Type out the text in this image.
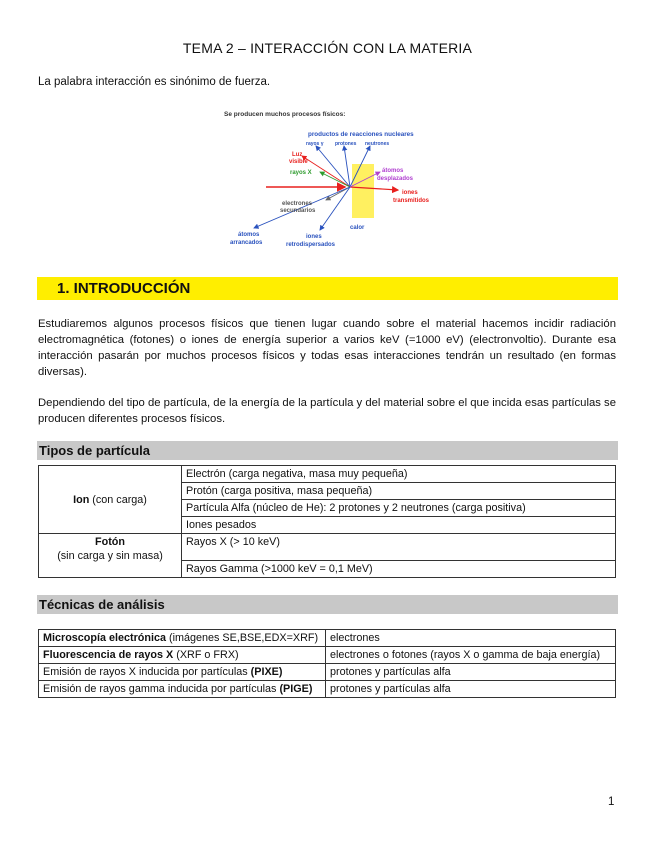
TEMA 2 – INTERACCIÓN CON LA MATERIA
La palabra interacción es sinónimo de fuerza.
Se producen muchos procesos físicos:
productos de reacciones nucleares
rayos γ protones neutrones
Luz
visible
rayos X	átomos
desplazados
iones
transmitidos
electrones
secundarios
calor
átomos
arrancados
iones
retrodispersados
1. INTRODUCCIÓN
Estudiaremos algunos procesos físicos que tienen lugar cuando sobre el material hacemos incidir radiación electromagnética (fotones) o iones de energía superior a varios keV (=1000 eV) (electronvoltio). Durante esa interacción pasarán por muchos procesos físicos y todas esas interacciones tendrán un resultado (en formas diversas).
Dependiendo del tipo de partícula, de la energía de la partícula y del material sobre el que incida esas partículas se producen diferentes procesos físicos.
Tipos de partícula
Ion (con carga)	Electrón (carga negativa, masa muy pequeña)
	Protón (carga positiva, masa pequeña)
	Partícula Alfa (núcleo de He): 2 protones y 2 neutrones (carga positiva)
	Iones pesados
Fotón
(sin carga y sin masa)	Rayos X (> 10 keV)
	Rayos Gamma (>1000 keV = 0,1 MeV)
Técnicas de análisis
Microscopía electrónica (imágenes SE,BSE,EDX=XRF)	electrones
Fluorescencia de rayos X (XRF o FRX)	electrones o fotones (rayos X o gamma de baja energía)
Emisión de rayos X inducida por partículas (PIXE)	protones y partículas alfa
Emisión de rayos gamma inducida por partículas (PIGE)	protones y partículas alfa
1
